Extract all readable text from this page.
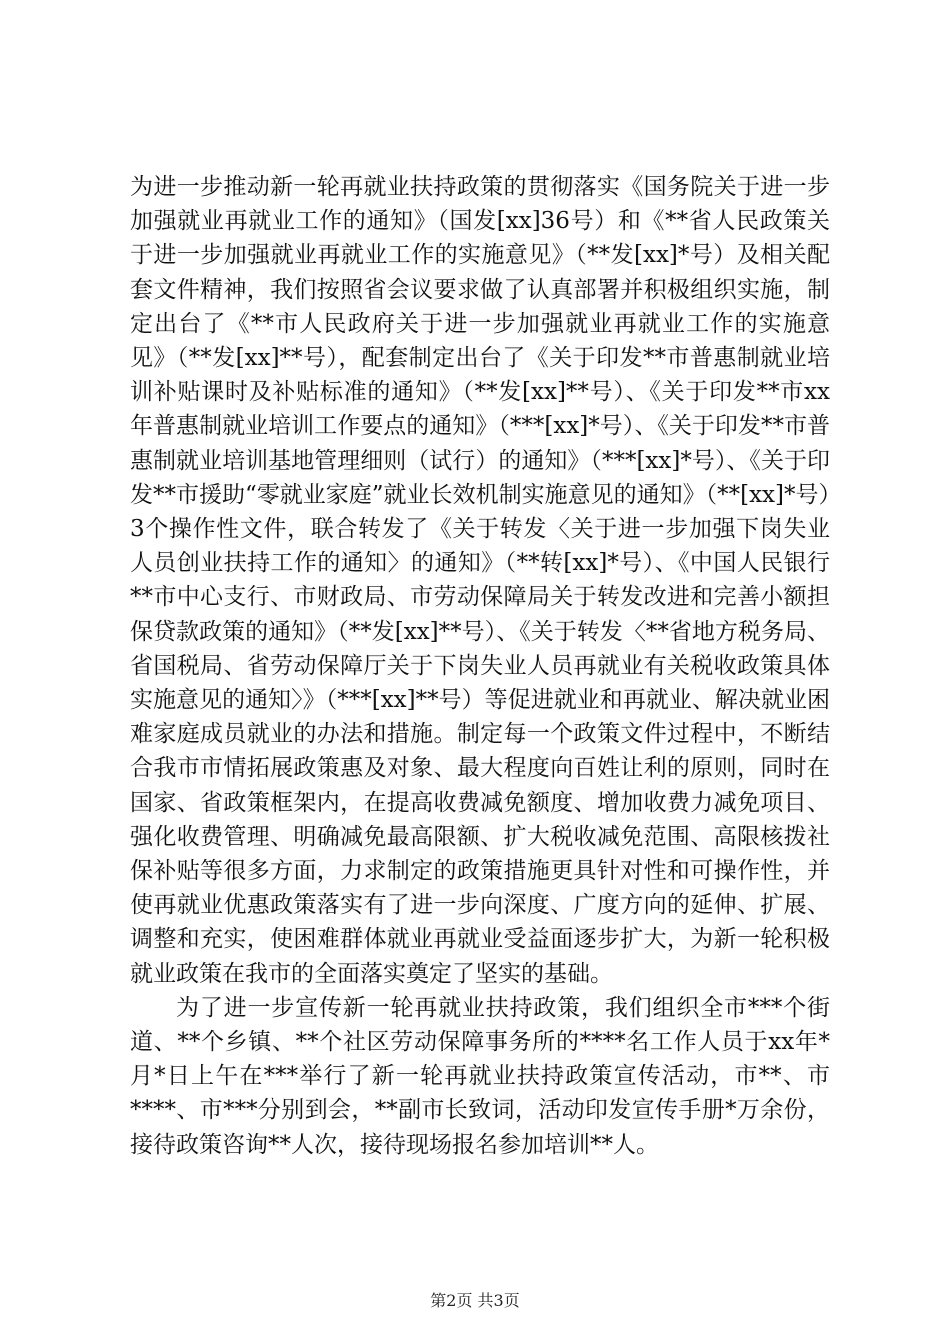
为进一步推动新一轮再就业扶持政策的贯彻落实《国务院关于进一步加强就业再就业工作的通知》（国发[xx]36号）和《**省人民政策关于进一步加强就业再就业工作的实施意见》（**发[xx]*号）及相关配套文件精神，我们按照省会议要求做了认真部署并积极组织实施，制定出台了《**市人民政府关于进一步加强就业再就业工作的实施意见》（**发[xx]**号），配套制定出台了《关于印发**市普惠制就业培训补贴课时及补贴标准的通知》（**发[xx]**号）、《关于印发**市xx年普惠制就业培训工作要点的通知》（***[xx]*号）、《关于印发**市普惠制就业培训基地管理细则（试行）的通知》（***[xx]*号）、《关于印发**市援助“零就业家庭”就业长效机制实施意见的通知》（**[xx]*号）3个操作性文件，联合转发了《关于转发〈关于进一步加强下岗失业人员创业扶持工作的通知〉的通知》（**转[xx]*号）、《中国人民银行**市中心支行、市财政局、市劳动保障局关于转发改进和完善小额担保贷款政策的通知》（**发[xx]**号）、《关于转发〈**省地方税务局、省国税局、省劳动保障厅关于下岗失业人员再就业有关税收政策具体实施意见的通知〉》（***[xx]**号）等促进就业和再就业、解决就业困难家庭成员就业的办法和措施。制定每一个政策文件过程中，不断结合我市市情拓展政策惠及对象、最大程度向百姓让利的原则，同时在国家、省政策框架内，在提高收费减免额度、增加收费力减免项目、强化收费管理、明确减免最高限额、扩大税收减免范围、高限核拨社保补贴等很多方面，力求制定的政策措施更具针对性和可操作性，并使再就业优惠政策落实有了进一步向深度、广度方向的延伸、扩展、调整和充实，使困难群体就业再就业受益面逐步扩大，为新一轮积极就业政策在我市的全面落实奠定了坚实的基础。

为了进一步宣传新一轮再就业扶持政策，我们组织全市***个街道、**个乡镇、**个社区劳动保障事务所的****名工作人员于xx年*月*日上午在***举行了新一轮再就业扶持政策宣传活动，市**、市****、市***分别到会，**副市长致词，活动印发宣传手册*万余份，接待政策咨询**人次，接待现场报名参加培训**人。

第2页 共3页
